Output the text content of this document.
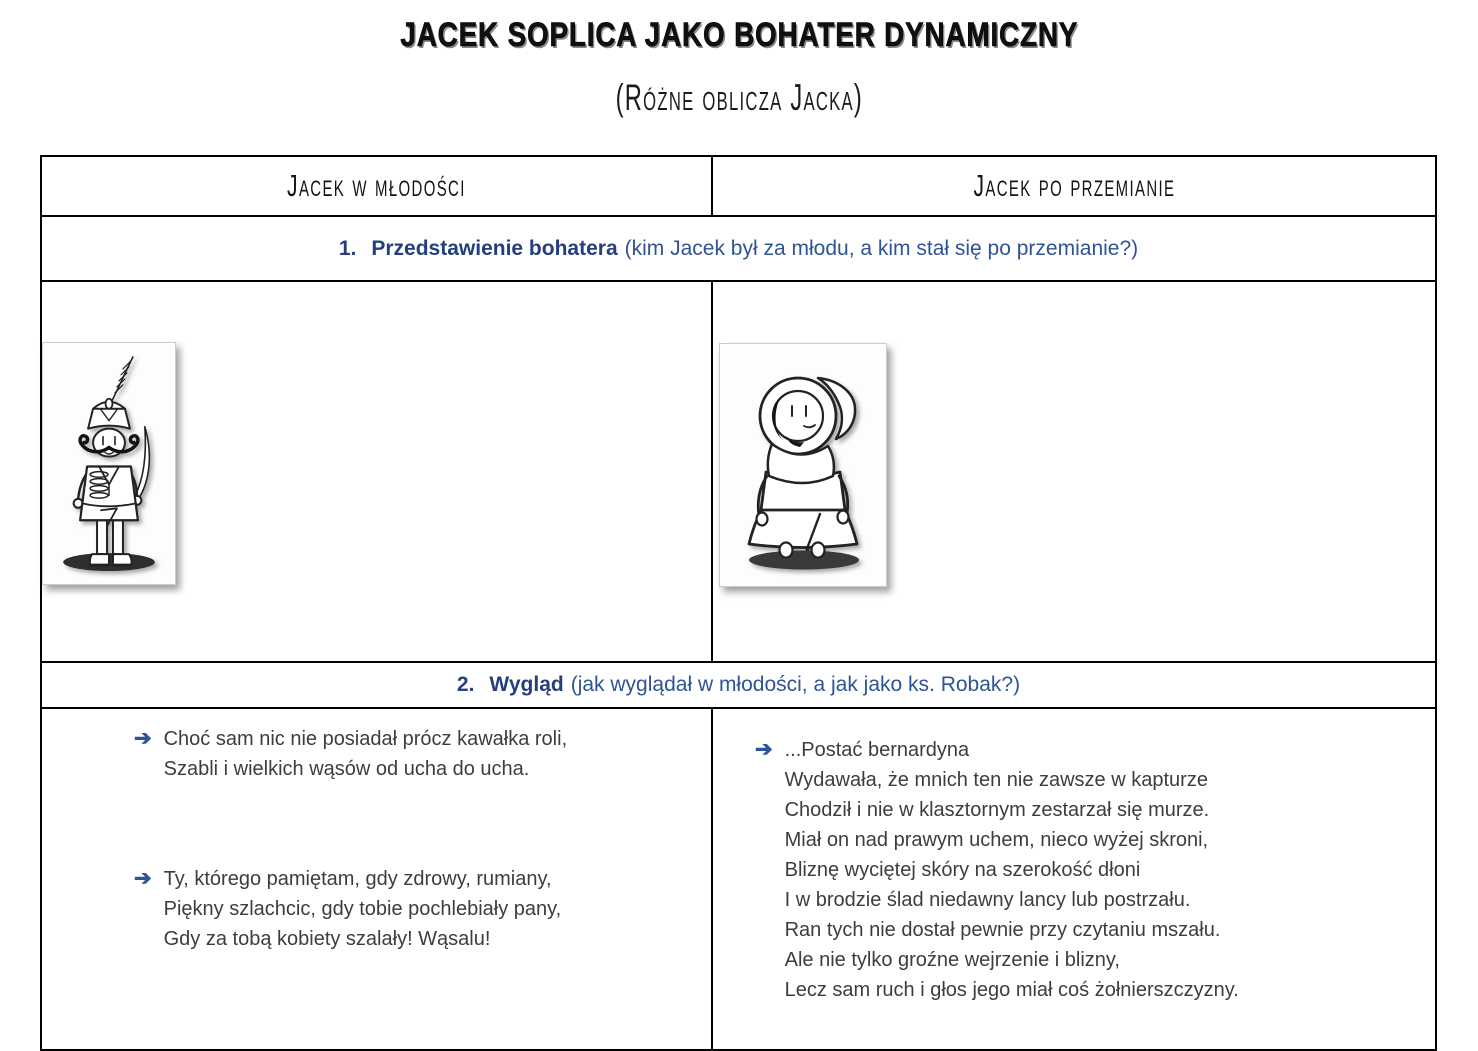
JACEK SOPLICA JAKO BOHATER DYNAMICZNY
(Różne oblicza Jacka)
Jacek w młodości	Jacek po przemianie
1. Przedstawienie bohatera (kim Jacek był za młodu, a kim stał się po przemianie?)
2. Wygląd (jak wyglądał w młodości, a jak jako ks. Robak?)
➔ Choć sam nic nie posiadał prócz kawałka roli,
Szabli i wielkich wąsów od ucha do ucha.
➔ Ty, którego pamiętam, gdy zdrowy, rumiany,
Piękny szlachcic, gdy tobie pochlebiały pany,
Gdy za tobą kobiety szalały! Wąsalu!
➔ ...Postać bernardyna
Wydawała, że mnich ten nie zawsze w kapturze
Chodził i nie w klasztornym zestarzał się murze.
Miał on nad prawym uchem, nieco wyżej skroni,
Bliznę wyciętej skóry na szerokość dłoni
I w brodzie ślad niedawny lancy lub postrzału.
Ran tych nie dostał pewnie przy czytaniu mszału.
Ale nie tylko groźne wejrzenie i blizny,
Lecz sam ruch i głos jego miał coś żołnierszczyzny.
